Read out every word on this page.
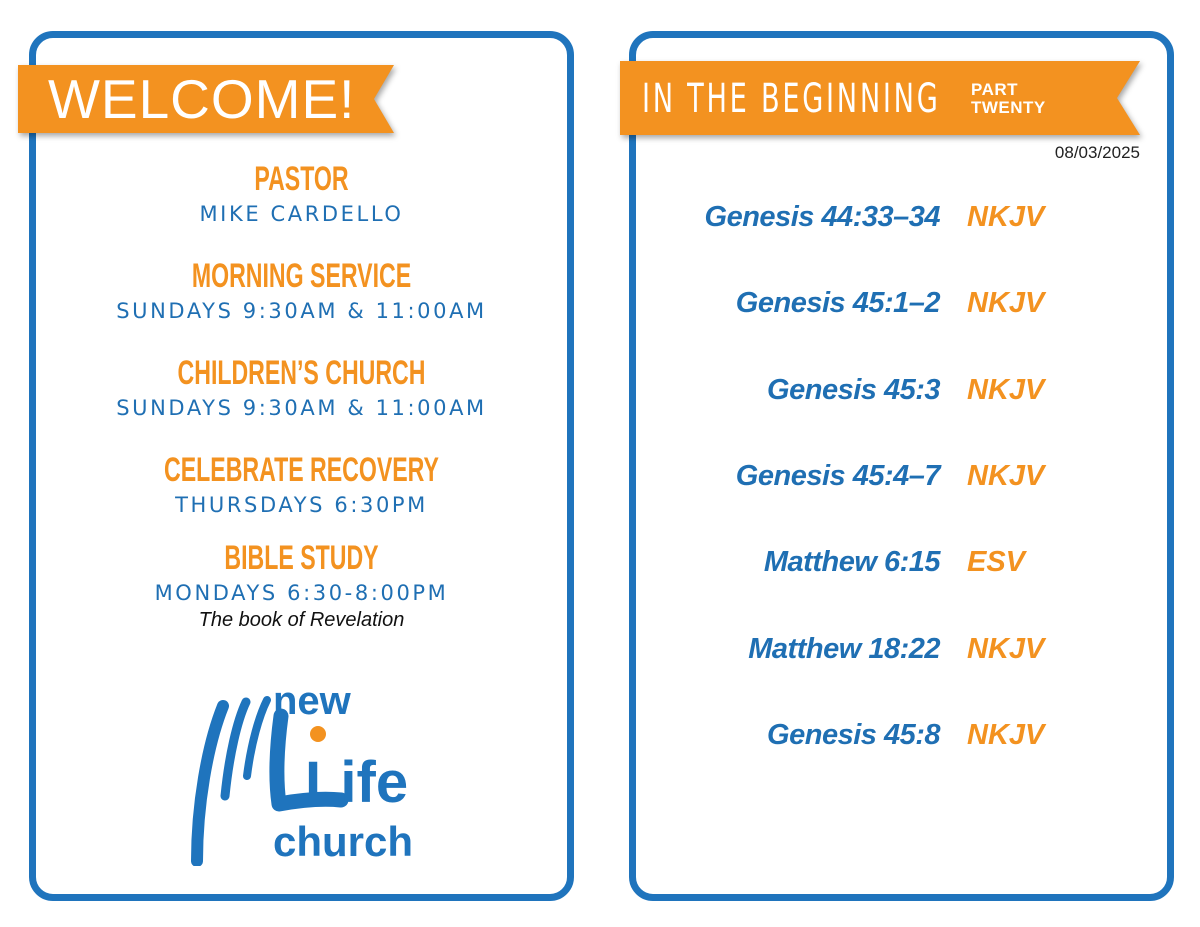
WELCOME!	IN THE BEGINNING PART
TWENTY
PASTOR
MIKE CARDELLO
MORNING SERVICE
SUNDAYS 9:30AM & 11:00AM
CHILDREN’S CHURCH
SUNDAYS 9:30AM & 11:00AM
CELEBRATE RECOVERY
THURSDAYS 6:30PM
BIBLE STUDY
MONDAYS 6:30-8:00PM
The book of Revelation
new
Life
church
08/03/2025
Genesis 44:33–34 NKJV
Genesis 45:1–2 NKJV
Genesis 45:3 NKJV
Genesis 45:4–7 NKJV
Matthew 6:15 ESV
Matthew 18:22 NKJV
Genesis 45:8 NKJV
